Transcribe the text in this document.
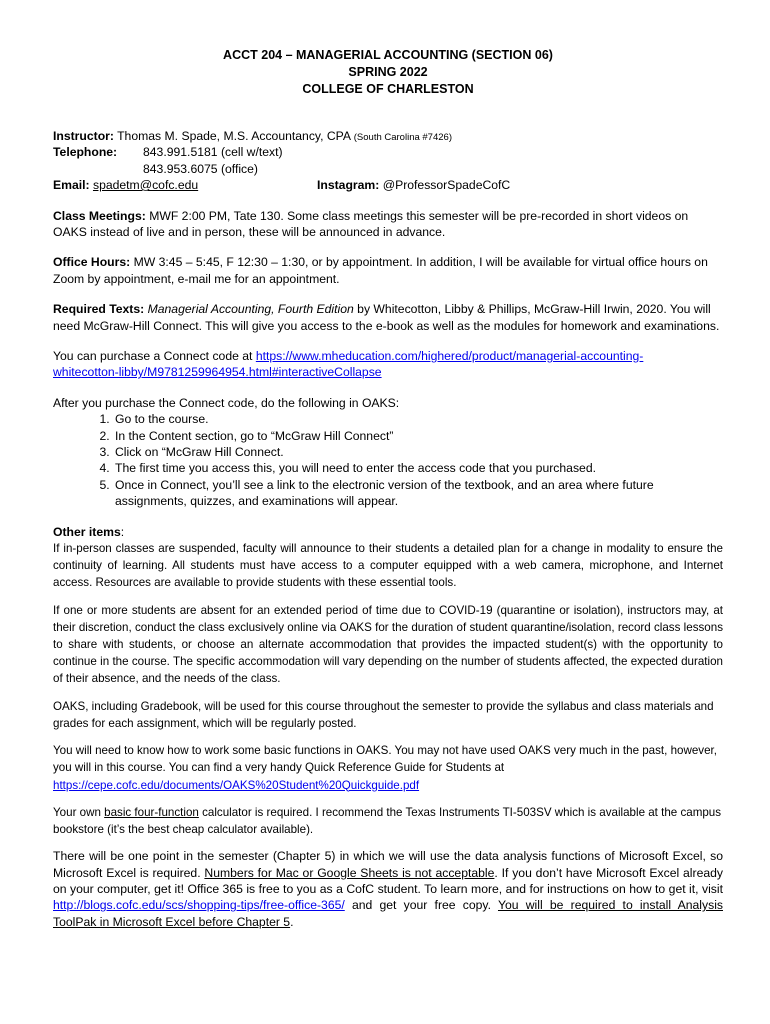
ACCT 204 – MANAGERIAL ACCOUNTING (SECTION 06)
SPRING 2022
COLLEGE OF CHARLESTON
Instructor: Thomas M. Spade, M.S. Accountancy, CPA (South Carolina #7426)
Telephone: 843.991.5181 (cell w/text)
843.953.6075 (office)
Email: spadetm@cofc.edu	Instagram: @ProfessorSpadeCofC

Class Meetings: MWF 2:00 PM, Tate 130. Some class meetings this semester will be pre-recorded in short videos on OAKS instead of live and in person, these will be announced in advance.

Office Hours: MW 3:45 – 5:45, F 12:30 – 1:30, or by appointment. In addition, I will be available for virtual office hours on Zoom by appointment, e-mail me for an appointment.

Required Texts: Managerial Accounting, Fourth Edition by Whitecotton, Libby & Phillips, McGraw-Hill Irwin, 2020. You will need McGraw-Hill Connect. This will give you access to the e-book as well as the modules for homework and examinations.

You can purchase a Connect code at https://www.mheducation.com/highered/product/managerial-accounting-
whitecotton-libby/M9781259964954.html#interactiveCollapse

After you purchase the Connect code, do the following in OAKS:

1. Go to the course.
2. In the Content section, go to “McGraw Hill Connect”
3. Click on “McGraw Hill Connect.
4. The first time you access this, you will need to enter the access code that you purchased.
5. Once in Connect, you’ll see a link to the electronic version of the textbook, and an area where future assignments, quizzes, and examinations will appear.

Other items:

If in-person classes are suspended, faculty will announce to their students a detailed plan for a change in modality to ensure the continuity of learning. All students must have access to a computer equipped with a web camera, microphone, and Internet access. Resources are available to provide students with these essential tools.

If one or more students are absent for an extended period of time due to COVID-19 (quarantine or isolation), instructors may, at their discretion, conduct the class exclusively online via OAKS for the duration of student quarantine/isolation, record class lessons to share with students, or choose an alternate accommodation that provides the impacted student(s) with the opportunity to continue in the course. The specific accommodation will vary depending on the number of students affected, the expected duration of their absence, and the needs of the class.

OAKS, including Gradebook, will be used for this course throughout the semester to provide the syllabus and class materials and grades for each assignment, which will be regularly posted.

You will need to know how to work some basic functions in OAKS. You may not have used OAKS very much in the past, however, you will in this course. You can find a very handy Quick Reference Guide for Students at https://cepe.cofc.edu/documents/OAKS%20Student%20Quickguide.pdf

Your own basic four-function calculator is required. I recommend the Texas Instruments TI-503SV which is available at the campus bookstore (it’s the best cheap calculator available).

There will be one point in the semester (Chapter 5) in which we will use the data analysis functions of Microsoft Excel, so Microsoft Excel is required. Numbers for Mac or Google Sheets is not acceptable. If you don’t have Microsoft Excel already on your computer, get it! Office 365 is free to you as a CofC student. To learn more, and for instructions on how to get it, visit http://blogs.cofc.edu/scs/shopping-tips/free-office-365/ and get your free copy. You will be required to install Analysis ToolPak in Microsoft Excel before Chapter 5.
